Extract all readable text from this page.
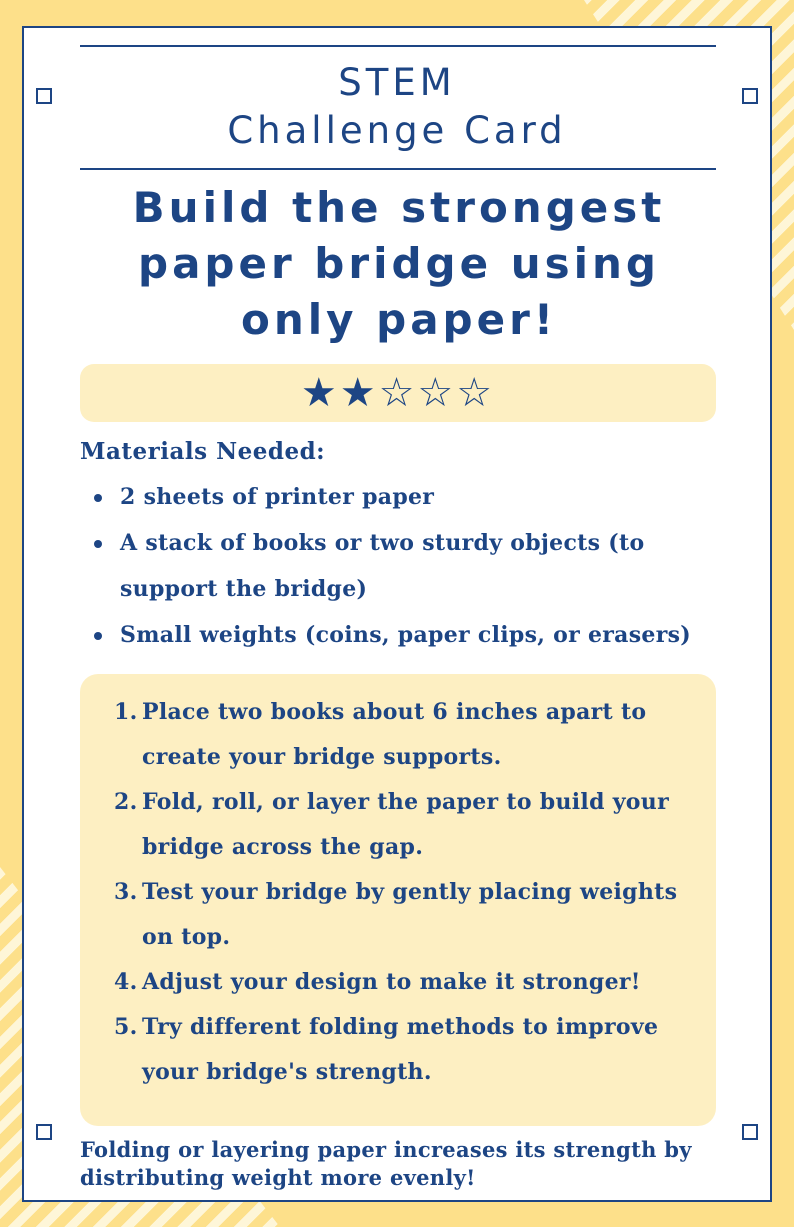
STEM
Challenge Card
Build the strongest
paper bridge using
only paper!
★★☆☆☆
Materials Needed:
2 sheets of printer paper
A stack of books or two sturdy objects (to support the bridge)
Small weights (coins, paper clips, or erasers)
1. Place two books about 6 inches apart to create your bridge supports.
2. Fold, roll, or layer the paper to build your bridge across the gap.
3. Test your bridge by gently placing weights on top.
4. Adjust your design to make it stronger!
5. Try different folding methods to improve your bridge's strength.
Folding or layering paper increases its strength by distributing weight more evenly!
